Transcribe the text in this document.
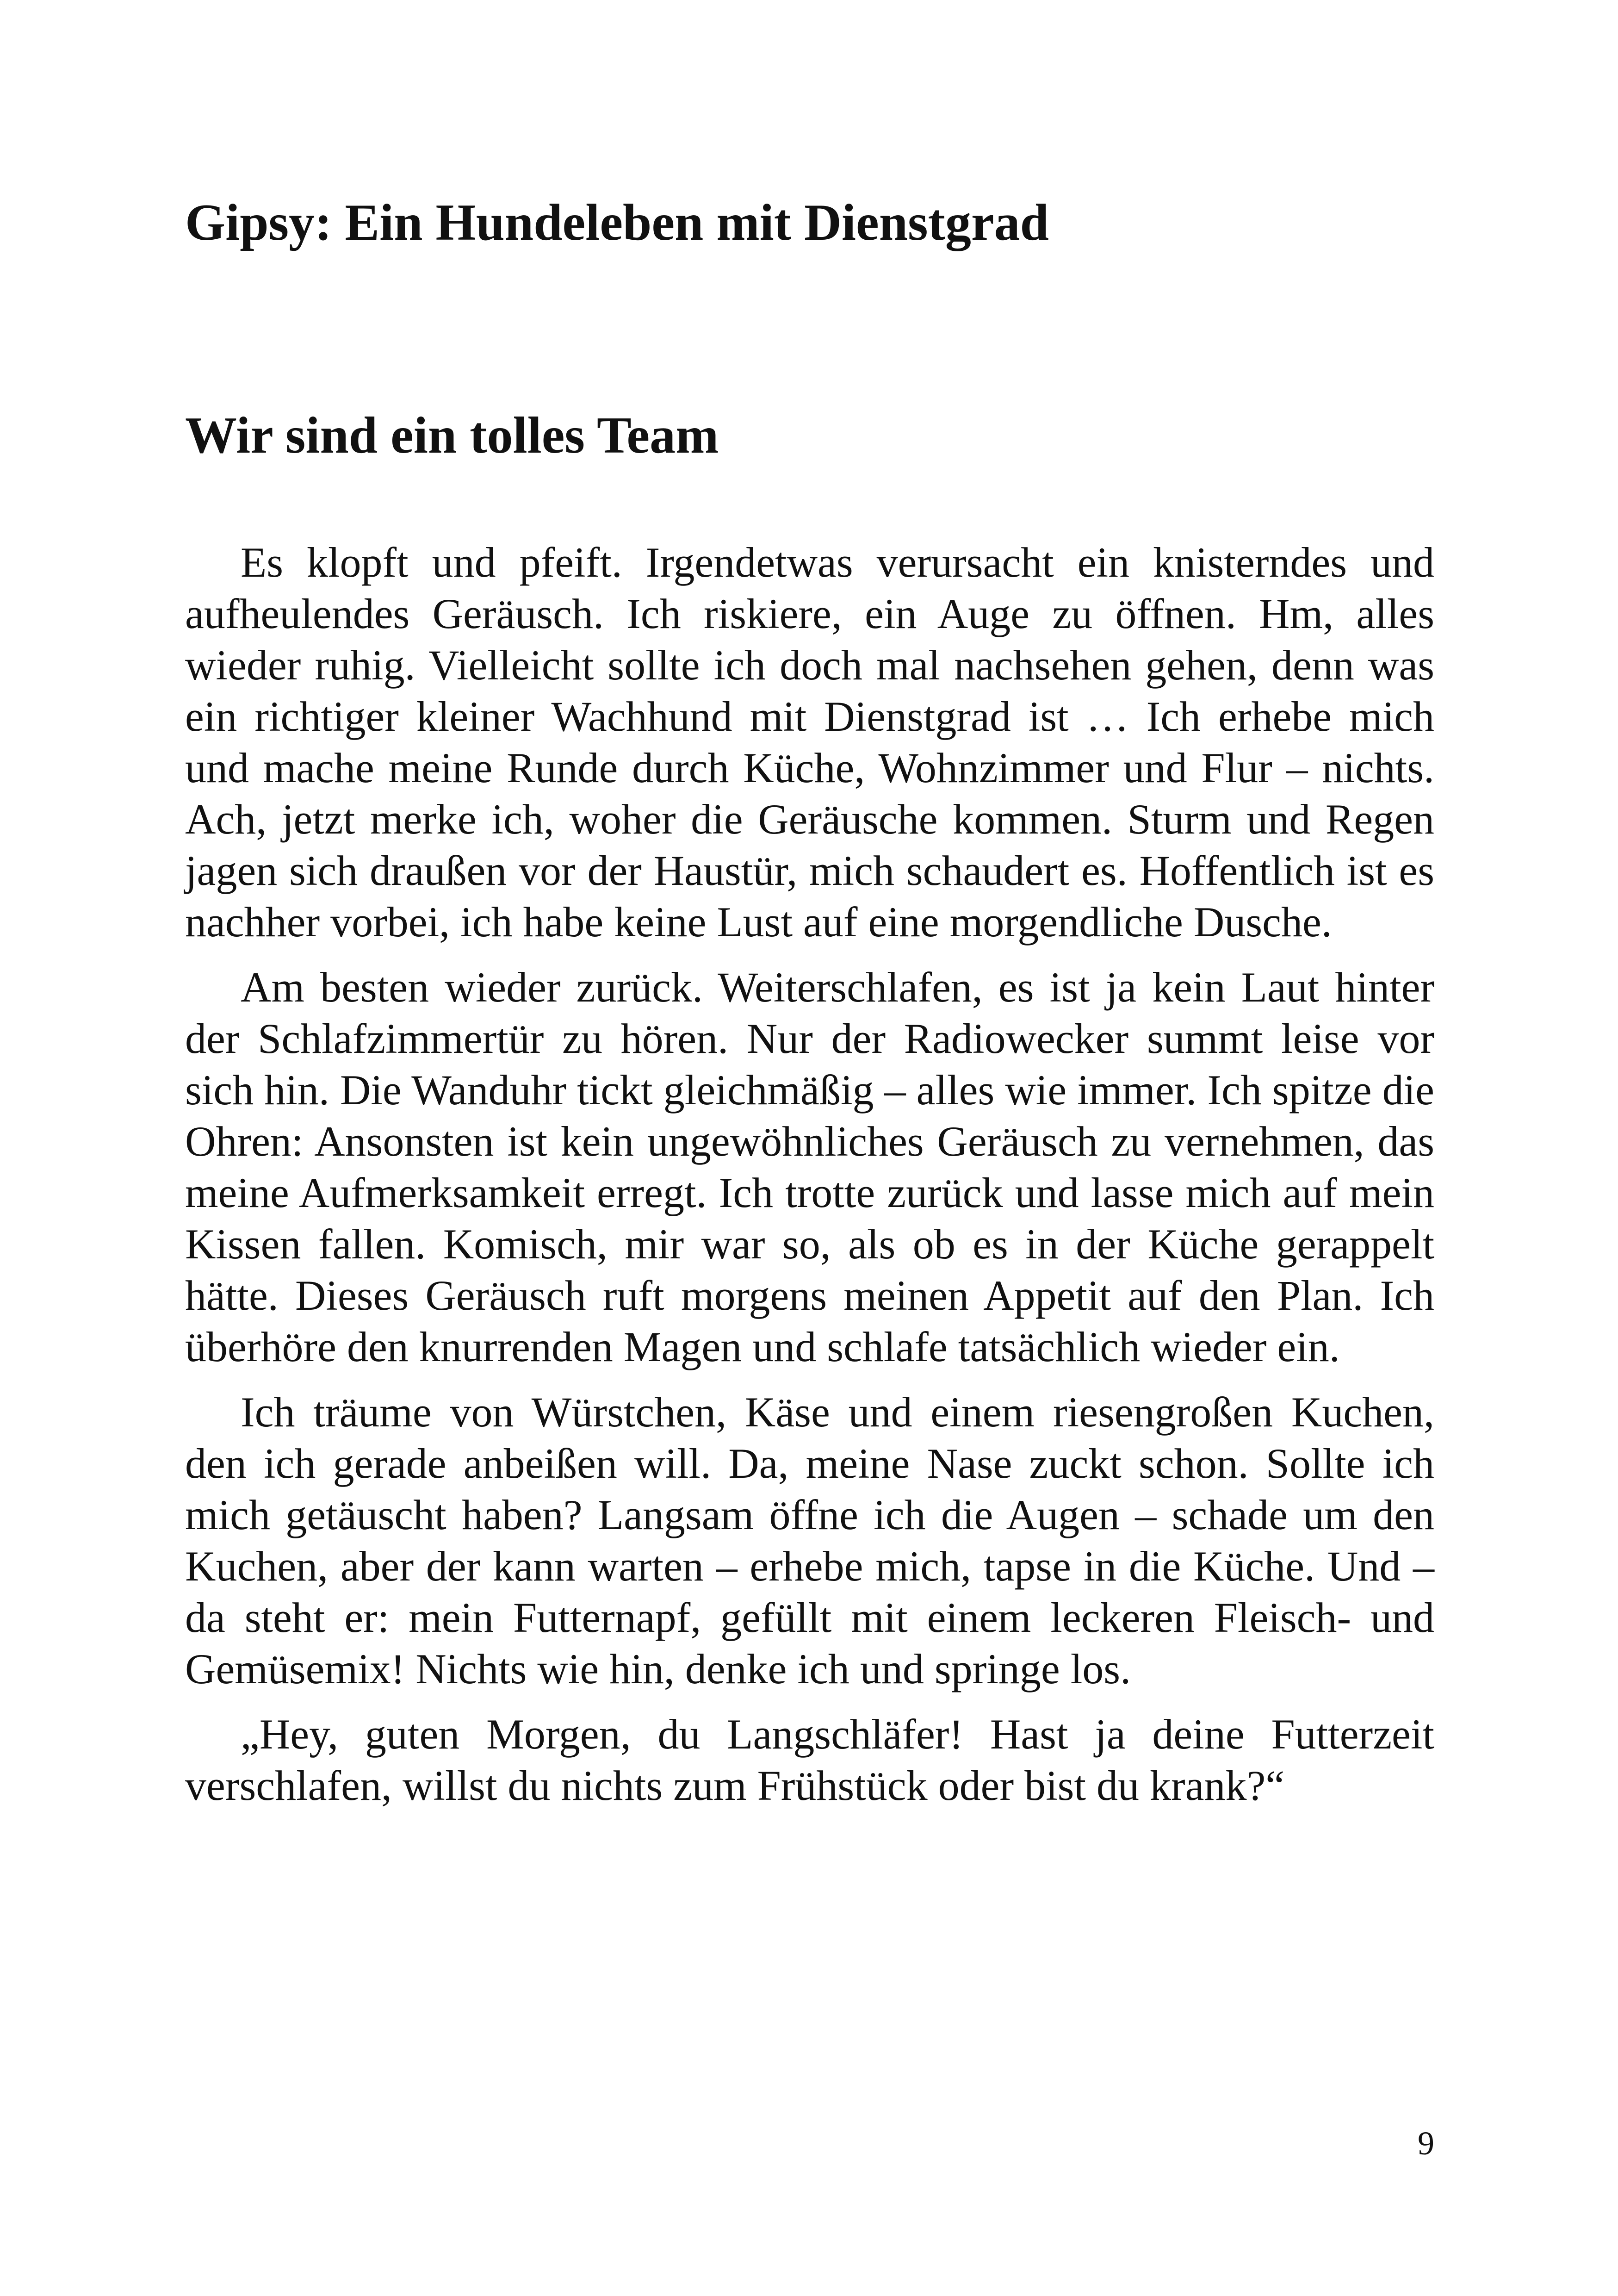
Gipsy: Ein Hundeleben mit Dienstgrad
Wir sind ein tolles Team

Es klopft und pfeift. Irgendetwas verursacht ein knisterndes und aufheulendes Geräusch. Ich riskiere, ein Auge zu öffnen. Hm, alles wieder ruhig. Vielleicht sollte ich doch mal nachsehen gehen, denn was ein richtiger kleiner Wachhund mit Dienstgrad ist … Ich erhebe mich und mache meine Runde durch Küche, Wohnzimmer und Flur – nichts. Ach, jetzt merke ich, woher die Geräusche kommen. Sturm und Regen jagen sich draußen vor der Haustür, mich schaudert es. Hoffentlich ist es nachher vorbei, ich habe keine Lust auf eine morgendliche Dusche.

Am besten wieder zurück. Weiterschlafen, es ist ja kein Laut hinter der Schlafzimmertür zu hören. Nur der Radiowecker summt leise vor sich hin. Die Wanduhr tickt gleichmäßig – alles wie immer. Ich spitze die Ohren: Ansonsten ist kein ungewöhnliches Geräusch zu vernehmen, das meine Aufmerksamkeit erregt. Ich trotte zurück und lasse mich auf mein Kissen fallen. Komisch, mir war so, als ob es in der Küche gerappelt hätte. Dieses Geräusch ruft morgens meinen Appetit auf den Plan. Ich überhöre den knurrenden Magen und schlafe tatsächlich wieder ein.

Ich träume von Würstchen, Käse und einem riesengroßen Kuchen, den ich gerade anbeißen will. Da, meine Nase zuckt schon. Sollte ich mich getäuscht haben? Langsam öffne ich die Augen – schade um den Kuchen, aber der kann warten – erhebe mich, tapse in die Küche. Und – da steht er: mein Futternapf, gefüllt mit einem leckeren Fleisch- und Gemüsemix! Nichts wie hin, denke ich und springe los.

„Hey, guten Morgen, du Langschläfer! Hast ja deine Futterzeit verschlafen, willst du nichts zum Frühstück oder bist du krank?“

9
